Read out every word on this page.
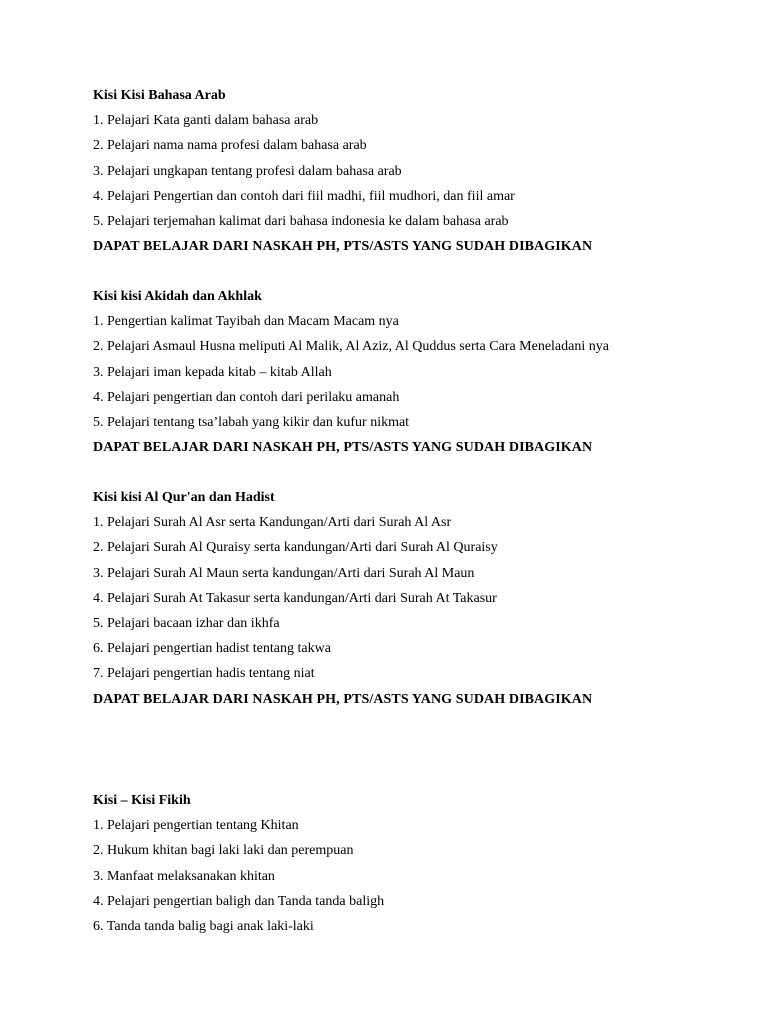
Kisi Kisi Bahasa Arab
1. Pelajari Kata ganti dalam bahasa arab
2. Pelajari nama nama profesi dalam bahasa arab
3. Pelajari ungkapan tentang profesi dalam bahasa arab
4. Pelajari Pengertian dan contoh dari fiil madhi, fiil mudhori, dan fiil amar
5. Pelajari terjemahan kalimat dari bahasa indonesia ke dalam bahasa arab
DAPAT BELAJAR DARI NASKAH PH, PTS/ASTS YANG SUDAH DIBAGIKAN
Kisi kisi Akidah dan Akhlak
1. Pengertian kalimat Tayibah dan Macam Macam nya
2. Pelajari Asmaul Husna meliputi Al Malik, Al Aziz, Al Quddus serta Cara Meneladani nya
3. Pelajari iman kepada kitab – kitab Allah
4. Pelajari pengertian dan contoh dari perilaku amanah
5. Pelajari tentang tsa’labah yang kikir dan kufur nikmat
DAPAT BELAJAR DARI NASKAH PH, PTS/ASTS YANG SUDAH DIBAGIKAN
Kisi kisi Al Qur'an dan Hadist
1. Pelajari Surah Al Asr serta Kandungan/Arti dari Surah Al Asr
2. Pelajari Surah Al Quraisy serta kandungan/Arti dari Surah Al Quraisy
3. Pelajari Surah Al Maun serta kandungan/Arti dari Surah Al Maun
4. Pelajari Surah At Takasur serta kandungan/Arti dari Surah At Takasur
5. Pelajari bacaan izhar dan ikhfa
6. Pelajari pengertian hadist tentang takwa
7. Pelajari pengertian hadis tentang niat
DAPAT BELAJAR DARI NASKAH PH, PTS/ASTS YANG SUDAH DIBAGIKAN
Kisi – Kisi Fikih
1. Pelajari pengertian tentang Khitan
2. Hukum khitan bagi laki laki dan perempuan
3. Manfaat melaksanakan khitan
4. Pelajari pengertian baligh dan Tanda tanda baligh
6. Tanda tanda balig bagi anak laki-laki
